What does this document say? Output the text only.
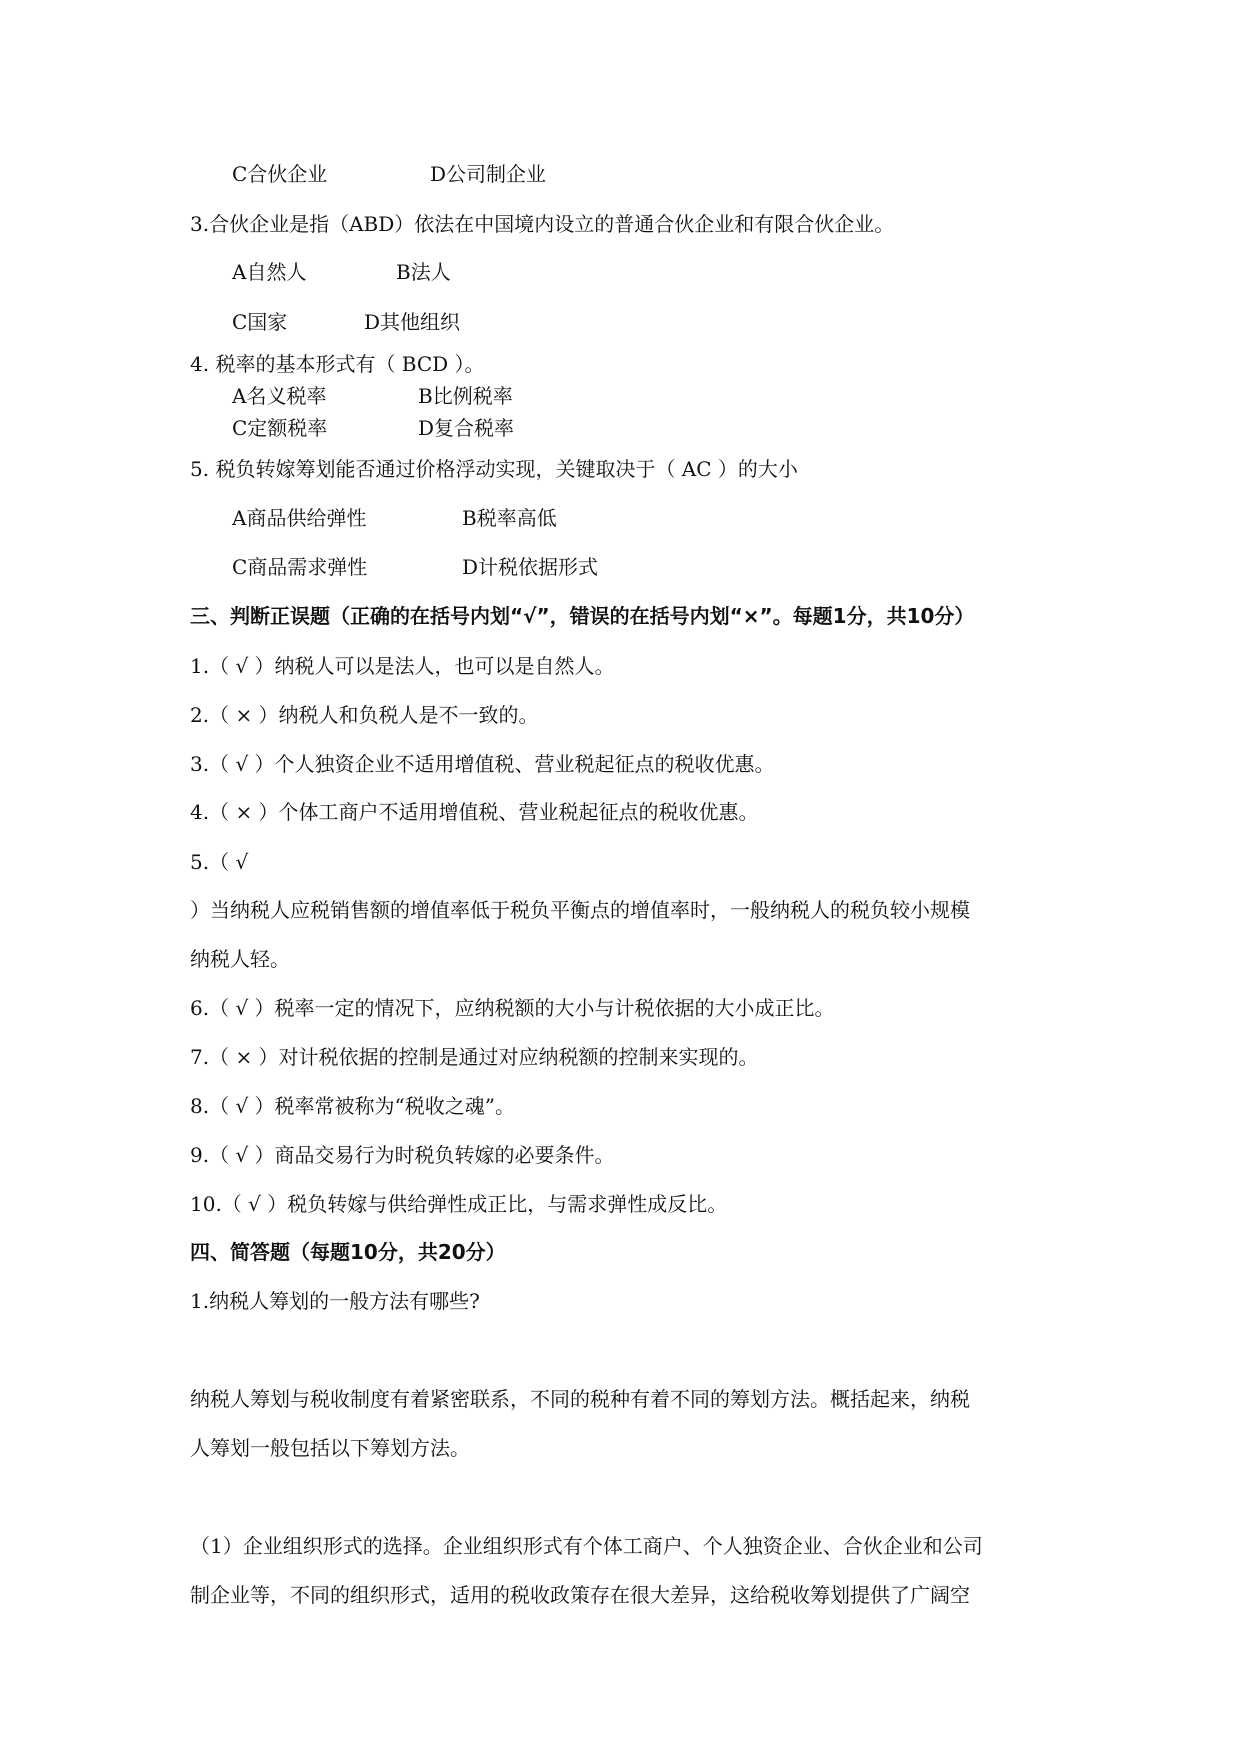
C合伙企业	D公司制企业
3.合伙企业是指（ABD）依法在中国境内设立的普通合伙企业和有限合伙企业。
A自然人	B法人
C国家	D其他组织
4. 税率的基本形式有（ BCD ）。
A名义税率	B比例税率
C定额税率	D复合税率
5. 税负转嫁筹划能否通过价格浮动实现，关键取决于（ AC ）的大小
A商品供给弹性	B税率高低
C商品需求弹性	D计税依据形式
三、判断正误题（正确的在括号内划“√”，错误的在括号内划“×”。每题1分，共10分）
1.（ √ ）纳税人可以是法人，也可以是自然人。
2.（ × ）纳税人和负税人是不一致的。
3.（ √ ）个人独资企业不适用增值税、营业税起征点的税收优惠。
4.（ × ）个体工商户不适用增值税、营业税起征点的税收优惠。
5.（ √
）当纳税人应税销售额的增值率低于税负平衡点的增值率时，一般纳税人的税负较小规模
纳税人轻。
6.（ √ ）税率一定的情况下，应纳税额的大小与计税依据的大小成正比。
7.（ × ）对计税依据的控制是通过对应纳税额的控制来实现的。
8.（ √ ）税率常被称为“税收之魂”。
9.（ √ ）商品交易行为时税负转嫁的必要条件。
10.（ √ ）税负转嫁与供给弹性成正比，与需求弹性成反比。
四、简答题（每题10分，共20分）
1.纳税人筹划的一般方法有哪些?
纳税人筹划与税收制度有着紧密联系，不同的税种有着不同的筹划方法。概括起来，纳税
人筹划一般包括以下筹划方法。
（1）企业组织形式的选择。企业组织形式有个体工商户、个人独资企业、合伙企业和公司
制企业等，不同的组织形式，适用的税收政策存在很大差异，这给税收筹划提供了广阔空
